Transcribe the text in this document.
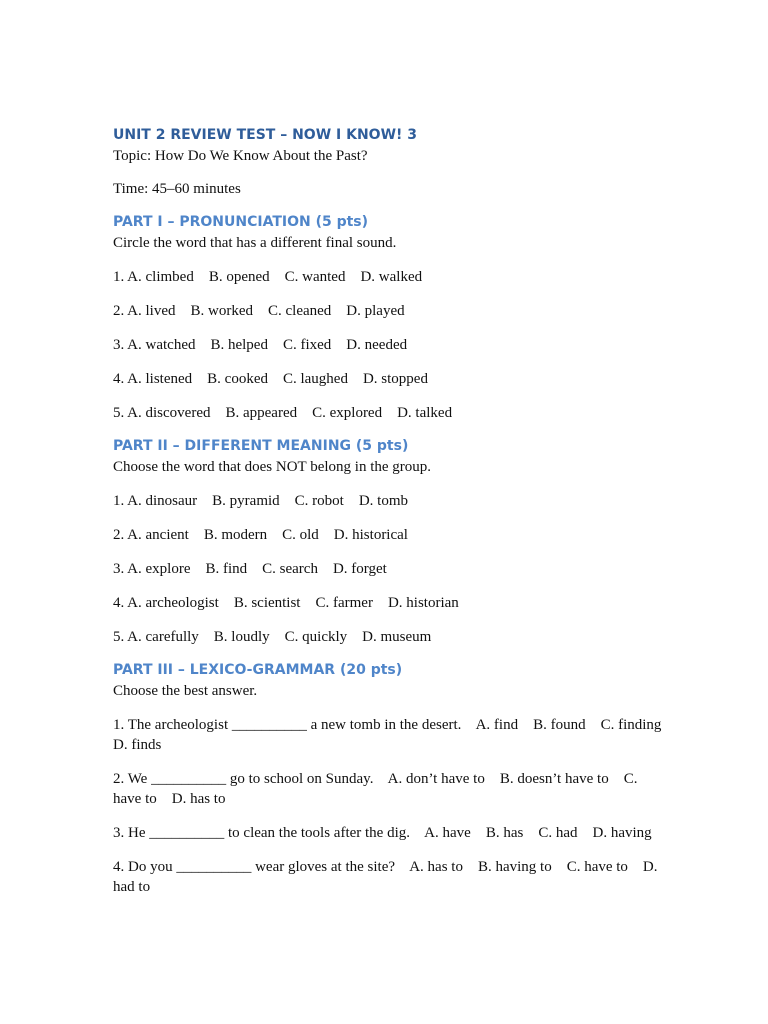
UNIT 2 REVIEW TEST – NOW I KNOW! 3

Topic: How Do We Know About the Past?

Time: 45–60 minutes

PART I – PRONUNCIATION (5 pts)

Circle the word that has a different final sound.

1. A. climbed    B. opened    C. wanted    D. walked

2. A. lived    B. worked    C. cleaned    D. played

3. A. watched    B. helped    C. fixed    D. needed

4. A. listened    B. cooked    C. laughed    D. stopped

5. A. discovered    B. appeared    C. explored    D. talked

PART II – DIFFERENT MEANING (5 pts)

Choose the word that does NOT belong in the group.

1. A. dinosaur    B. pyramid    C. robot    D. tomb

2. A. ancient    B. modern    C. old    D. historical

3. A. explore    B. find    C. search    D. forget

4. A. archeologist    B. scientist    C. farmer    D. historian

5. A. carefully    B. loudly    C. quickly    D. museum

PART III – LEXICO-GRAMMAR (20 pts)

Choose the best answer.

1. The archeologist __________ a new tomb in the desert.    A. find    B. found    C. finding    D. finds

2. We __________ go to school on Sunday.    A. don’t have to    B. doesn’t have to    C. have to    D. has to

3. He __________ to clean the tools after the dig.    A. have    B. has    C. had    D. having

4. Do you __________ wear gloves at the site?    A. has to    B. having to    C. have to    D. had to
